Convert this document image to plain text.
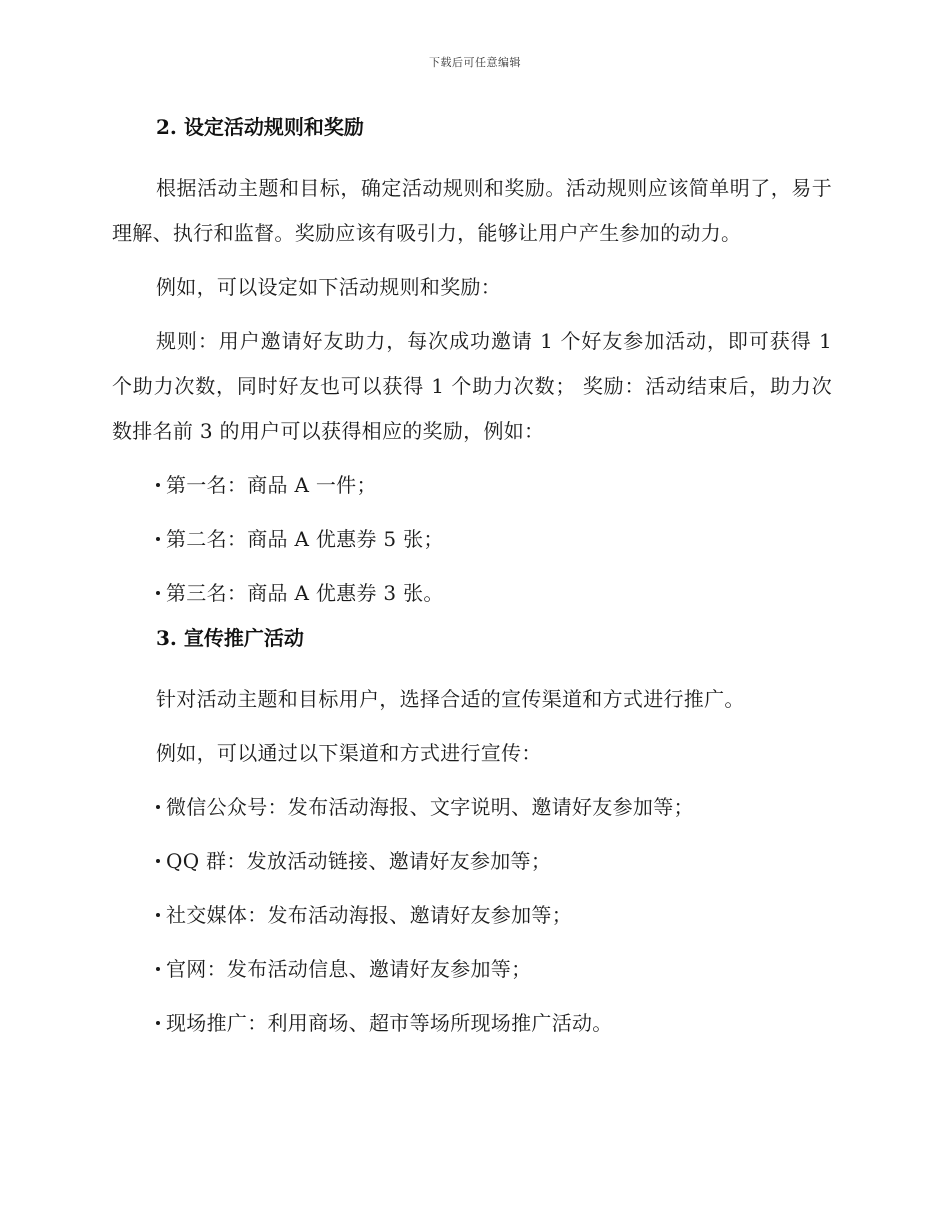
下载后可任意编辑
2. 设定活动规则和奖励

根据活动主题和目标，确定活动规则和奖励。活动规则应该简单明了，易于理解、执行和监督。奖励应该有吸引力，能够让用户产生参加的动力。

例如，可以设定如下活动规则和奖励：

规则：用户邀请好友助力，每次成功邀请 1 个好友参加活动，即可获得 1 个助力次数，同时好友也可以获得 1 个助力次数； 奖励：活动结束后，助力次数排名前 3 的用户可以获得相应的奖励，例如：

第一名：商品 A 一件；
第二名：商品 A 优惠券 5 张；
第三名：商品 A 优惠券 3 张。
3. 宣传推广活动

针对活动主题和目标用户，选择合适的宣传渠道和方式进行推广。

例如，可以通过以下渠道和方式进行宣传：

微信公众号：发布活动海报、文字说明、邀请好友参加等；
QQ 群：发放活动链接、邀请好友参加等；
社交媒体：发布活动海报、邀请好友参加等；
官网：发布活动信息、邀请好友参加等；
现场推广：利用商场、超市等场所现场推广活动。
